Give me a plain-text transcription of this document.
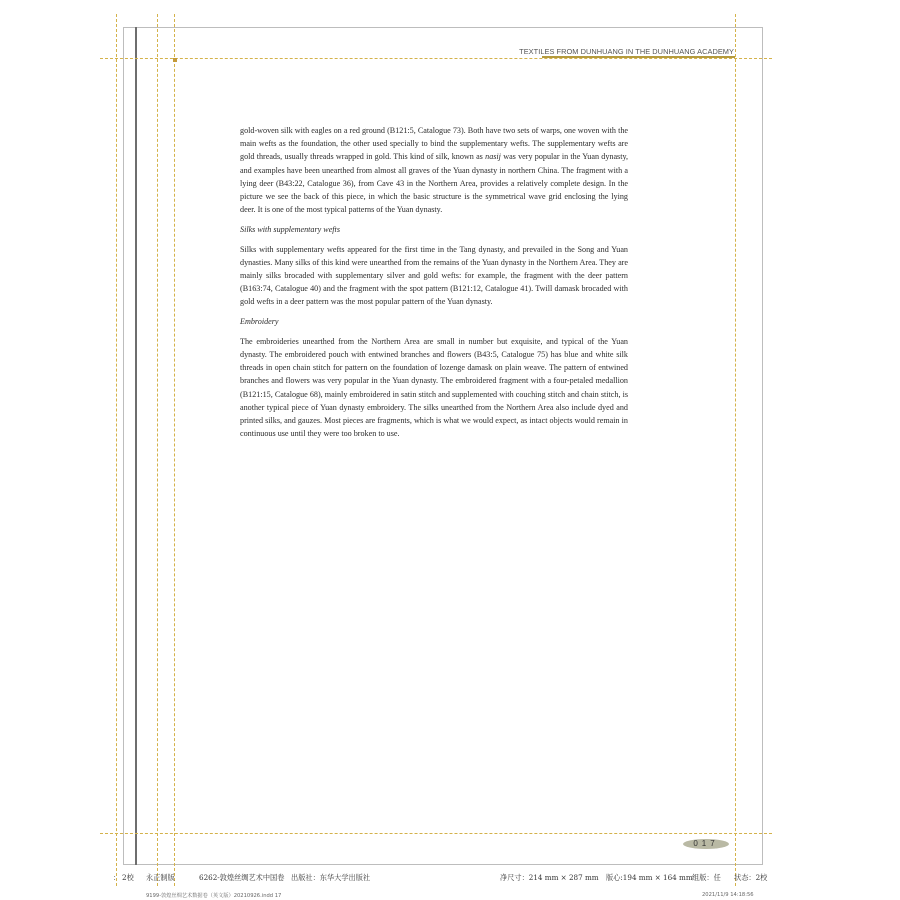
TEXTILES FROM DUNHUANG IN THE DUNHUANG ACADEMY

gold-woven silk with eagles on a red ground (B121:5, Catalogue 73). Both have two sets of warps, one woven with the main wefts as the foundation, the other used specially to bind the supplementary wefts. The supplementary wefts are gold threads, usually threads wrapped in gold. This kind of silk, known as nasij was very popular in the Yuan dynasty, and examples have been unearthed from almost all graves of the Yuan dynasty in northern China. The fragment with a lying deer (B43:22, Catalogue 36), from Cave 43 in the Northern Area, provides a relatively complete design. In the picture we see the back of this piece, in which the basic structure is the symmetrical wave grid enclosing the lying deer. It is one of the most typical patterns of the Yuan dynasty.

Silks with supplementary wefts

Silks with supplementary wefts appeared for the first time in the Tang dynasty, and prevailed in the Song and Yuan dynasties. Many silks of this kind were unearthed from the remains of the Yuan dynasty in the Northern Area. They are mainly silks brocaded with supplementary silver and gold wefts: for example, the fragment with the deer pattern (B163:74, Catalogue 40) and the fragment with the spot pattern (B121:12, Catalogue 41). Twill damask brocaded with gold wefts in a deer pattern was the most popular pattern of the Yuan dynasty.

Embroidery

The embroideries unearthed from the Northern Area are small in number but exquisite, and typical of the Yuan dynasty. The embroidered pouch with entwined branches and flowers (B43:5, Catalogue 75) has blue and white silk threads in open chain stitch for pattern on the foundation of lozenge damask on plain weave. The pattern of entwined branches and flowers was very popular in the Yuan dynasty. The embroidered fragment with a four-petaled medallion (B121:15, Catalogue 68), mainly embroidered in satin stitch and supplemented with couching stitch and chain stitch, is another typical piece of Yuan dynasty embroidery. The silks unearthed from the Northern Area also include dyed and printed silks, and gauzes. Most pieces are fragments, which is what we would expect, as intact objects would remain in continuous use until they were too broken to use.

017
： 2校 永正制版	6262-敦煌丝绸艺术中国卷 出版社：东华大学出版社	净尺寸：214 mm × 287 mm 版心:194 mm × 164 mm 组版：任 状态：2校
9199-敦煌丝绸艺术数据卷（英文版）20210926.indd 17	2021/11/9 14:18:56
